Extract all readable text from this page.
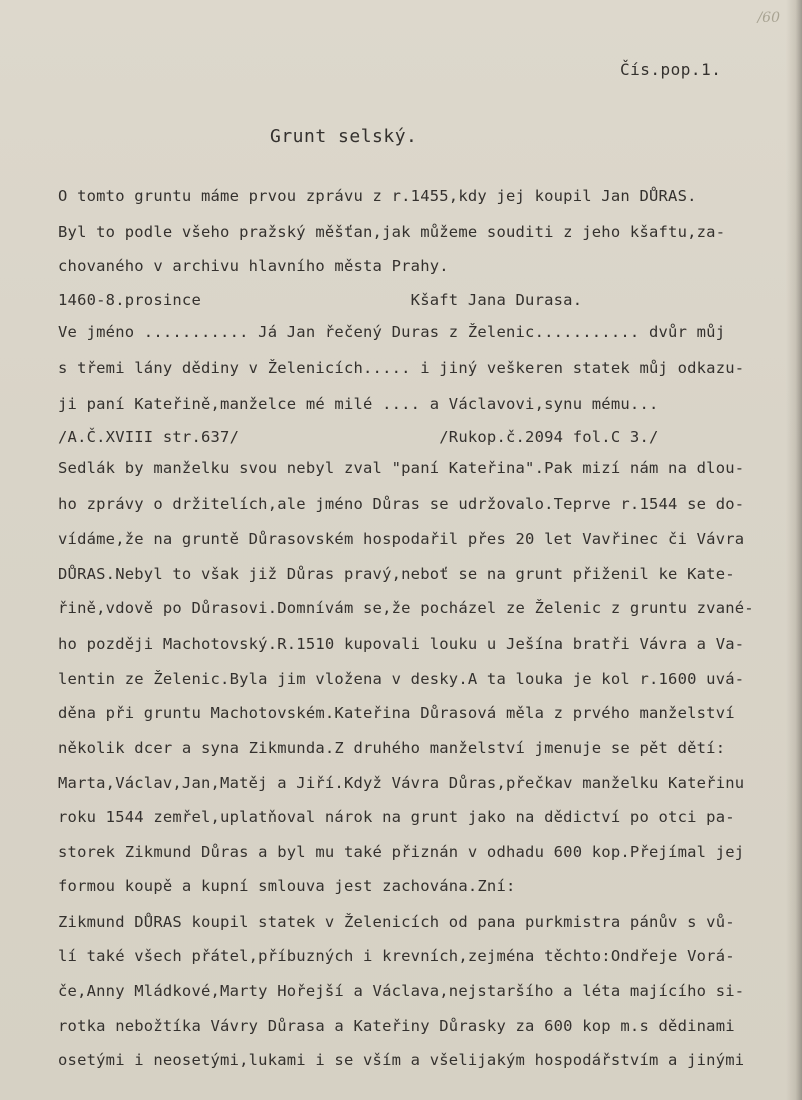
/60
Čís.pop.1.
Grunt selský.
O tomto gruntu máme prvou zprávu z r.1455,kdy jej koupil Jan DŮRAS.
Byl to podle všeho pražský měšťan,jak můžeme souditi z jeho kšaftu,za-
chovaného v archivu hlavního města Prahy.
1460-8.prosince                      Kšaft Jana Durasa.
Ve jméno ........... Já Jan řečený Duras z Želenic........... dvůr můj
s třemi lány dědiny v Želenicích..... i jiný veškeren statek můj odkazu-
ji paní Kateřině,manželce mé milé .... a Václavovi,synu mému...
/A.Č.XVIII str.637/                     /Rukop.č.2094 fol.C 3./
Sedlák by manželku svou nebyl zval "paní Kateřina".Pak mizí nám na dlou-
ho zprávy o držitelích,ale jméno Důras se udržovalo.Teprve r.1544 se do-
vídáme,že na gruntě Důrasovském hospodařil přes 20 let Vavřinec či Vávra
DŮRAS.Nebyl to však již Důras pravý,neboť se na grunt přiženil ke Kate-
řině,vdově po Důrasovi.Domnívám se,že pocházel ze Želenic z gruntu zvané-
ho později Machotovský.R.1510 kupovali louku u Ješína bratři Vávra a Va-
lentin ze Želenic.Byla jim vložena v desky.A ta louka je kol r.1600 uvá-
děna při gruntu Machotovském.Kateřina Důrasová měla z prvého manželství
několik dcer a syna Zikmunda.Z druhého manželství jmenuje se pět dětí:
Marta,Václav,Jan,Matěj a Jiří.Když Vávra Důras,přečkav manželku Kateřinu
roku 1544 zemřel,uplatňoval nárok na grunt jako na dědictví po otci pa-
storek Zikmund Důras a byl mu také přiznán v odhadu 600 kop.Přejímal jej
formou koupě a kupní smlouva jest zachována.Zní:
Zikmund DŮRAS koupil statek v Želenicích od pana purkmistra pánův s vů-
lí také všech přátel,příbuzných i krevních,zejména těchto:Ondřeje Vorá-
če,Anny Mládkové,Marty Hořejší a Václava,nejstaršího a léta majícího si-
rotka nebožtíka Vávry Důrasa a Kateřiny Důrasky za 600 kop m.s dědinami
osetými i neosetými,lukami i se vším a všelijakým hospodářstvím a jinými
